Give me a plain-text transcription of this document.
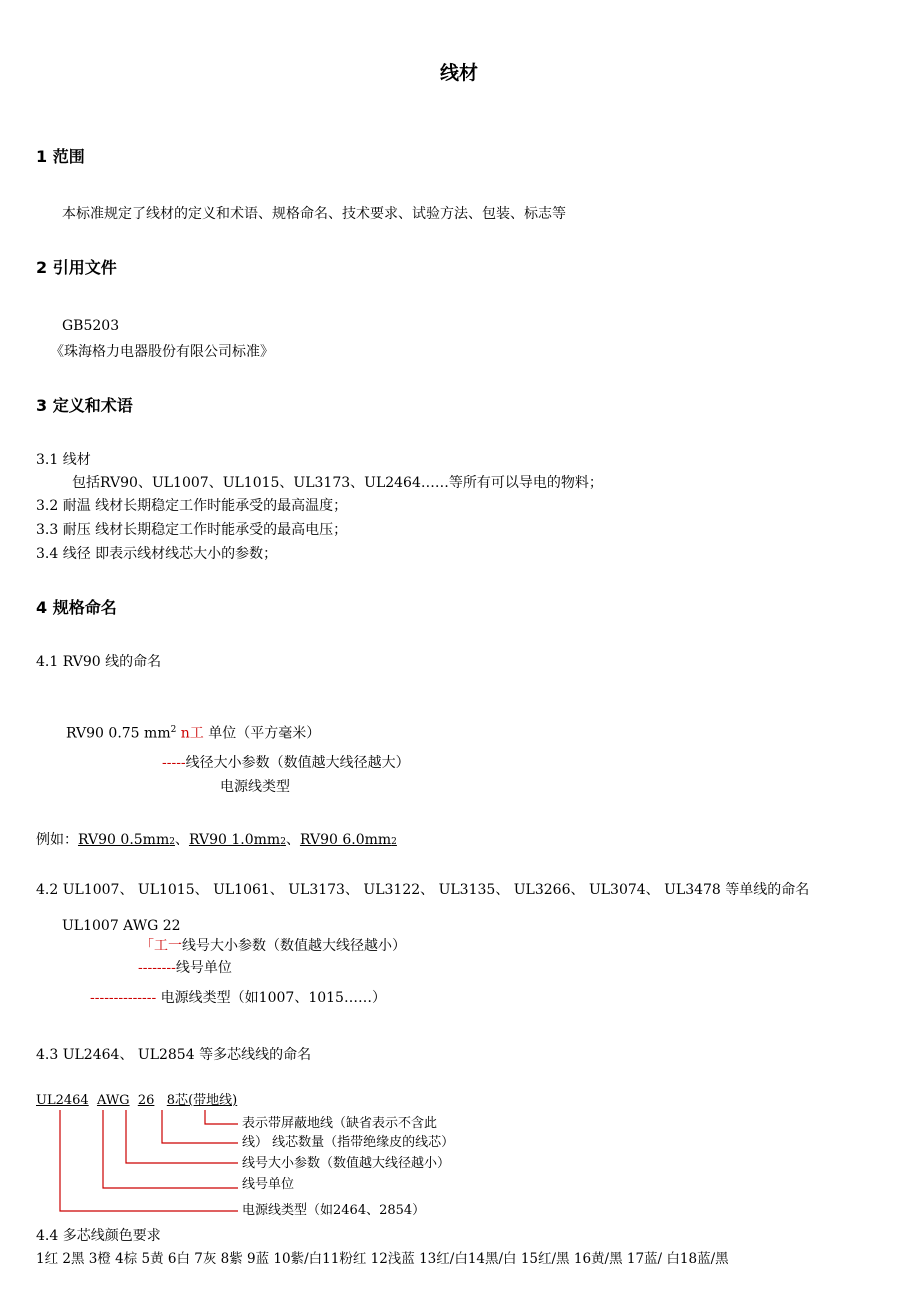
线材
1 范围
本标准规定了线材的定义和术语、规格命名、技术要求、试验方法、包装、标志等
2 引用文件
GB5203
《珠海格力电器股份有限公司标准》
3 定义和术语
3.1 线材
包括RV90、UL1007、UL1015、UL3173、UL2464……等所有可以导电的物料；
3.2 耐温 线材长期稳定工作时能承受的最高温度；
3.3 耐压 线材长期稳定工作时能承受的最高电压；
3.4 线径 即表示线材线芯大小的参数；
4 规格命名
4.1 RV90 线的命名
RV90 0.75 $mm^2$ n工 单位（平方毫米）
-----线径大小参数（数值越大线径越大）
电源线类型
例如：RV90 0.5mm2、RV90 1.0mm2、RV90 6.0mm2
4.2 UL1007、 UL1015、 UL1061、 UL3173、 UL3122、 UL3135、 UL3266、 UL3074、 UL3478 等单线的命名
UL1007 AWG 22
「工一线号大小参数（数值越大线径越小）
--------线号单位
-------------- 电源线类型（如1007、1015……）
4.3 UL2464、 UL2854 等多芯线线的命名
UL2464 AWG 26 8芯(带地线)
表示带屏蔽地线（缺省表示不含此
线） 线芯数量（指带绝缘皮的线芯）
线号大小参数（数值越大线径越小）
线号单位
电源线类型（如2464、2854）
4.4 多芯线颜色要求
1红 2黑 3橙 4棕 5黄 6白 7灰 8紫 9蓝 10紫/白11粉红 12浅蓝 13红/白14黑/白 15红/黑 16黄/黑 17蓝/ 白18蓝/黑
